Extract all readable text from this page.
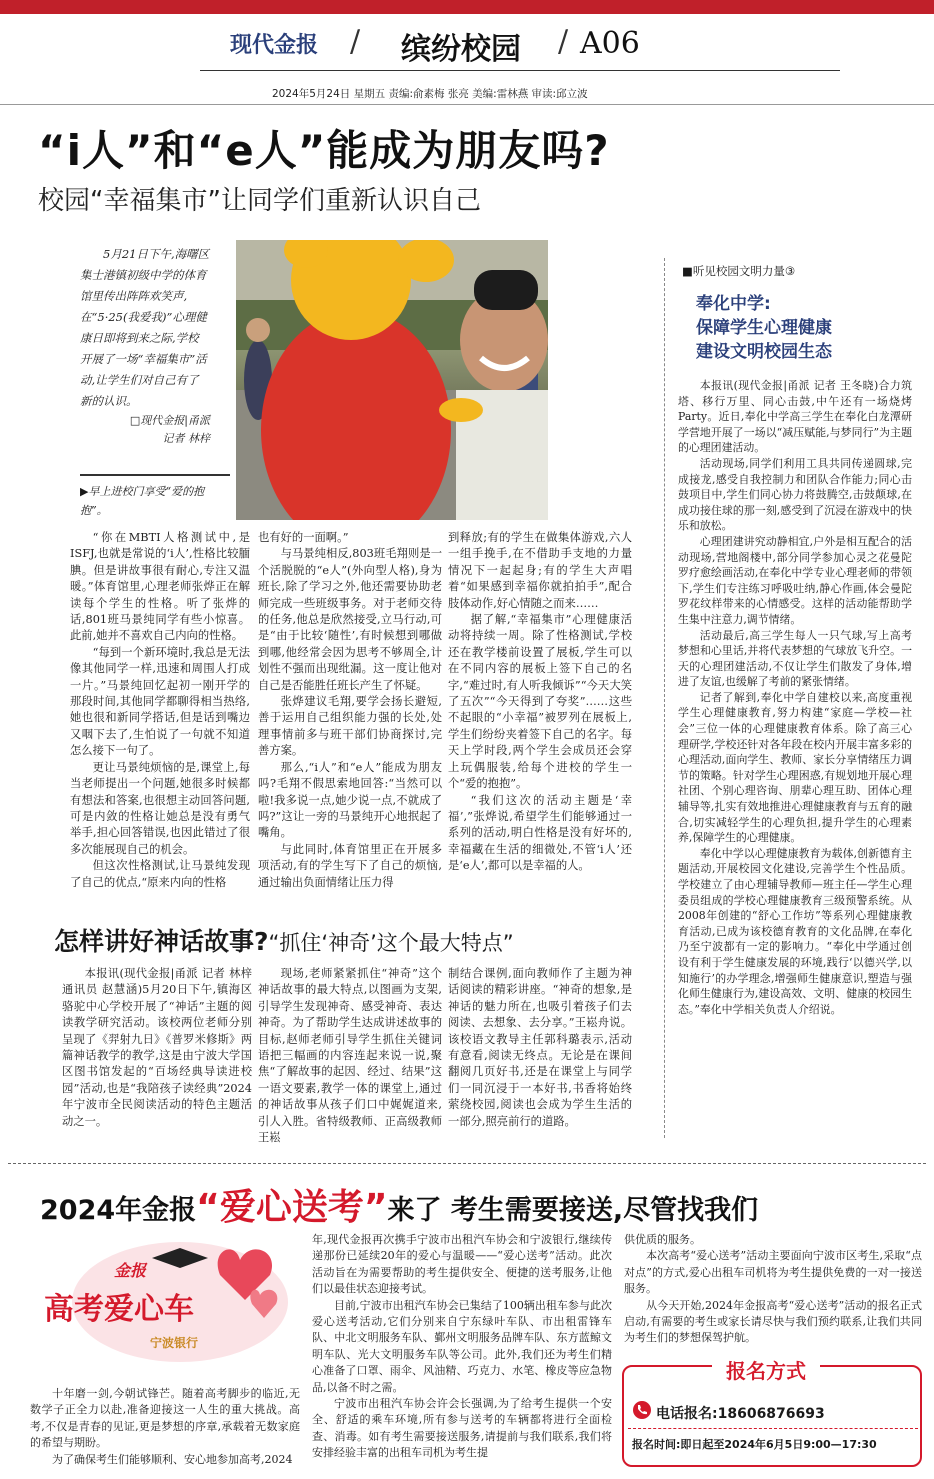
现代金报 / 缤纷校园 / A06
2024年5月24日 星期五 责编:俞素梅 张亮 美编:雷林燕 审读:邱立波
“i人”和“e人”能成为朋友吗?
校园“幸福集市”让同学们重新认识自己

5月21日下午,海曙区集士港镇初级中学的体育馆里传出阵阵欢笑声,在“5·25(我爱我)”心理健康日即将到来之际,学校开展了一场“幸福集市”活动,让学生们对自己有了新的认识。

□现代金报|甬派
记者 林梓
▶早上进校门享受“爱的抱抱”。

“你在MBTI人格测试中,是ISFJ,也就是常说的‘i人’,性格比较腼腆。但是讲故事很有耐心,专注又温暖。”体育馆里,心理老师张烨正在解读每个学生的性格。听了张烨的话,801班马景纯同学有些小惊喜。此前,她并不喜欢自己内向的性格。

“每到一个新环境时,我总是无法像其他同学一样,迅速和周围人打成一片。”马景纯回忆起初一刚开学的那段时间,其他同学都聊得相当热络,她也很和新同学搭话,但是话到嘴边又咽下去了,生怕说了一句就不知道怎么接下一句了。

更让马景纯烦恼的是,课堂上,每当老师提出一个问题,她很多时候都有想法和答案,也很想主动回答问题,可是内敛的性格让她总是没有勇气举手,担心回答错误,也因此错过了很多次能展现自己的机会。

但这次性格测试,让马景纯发现了自己的优点,“原来内向的性格

也有好的一面啊。”

与马景纯相反,803班毛翔则是一个活脱脱的“e人”(外向型人格),身为班长,除了学习之外,他还需要协助老师完成一些班级事务。对于老师交待的任务,他总是欣然接受,立马行动,可是“由于比较‘随性’,有时候想到哪做到哪,他经常会因为思考不够周全,计划性不强而出现纰漏。这一度让他对自己是否能胜任班长产生了怀疑。

张烨建议毛翔,要学会扬长避短,善于运用自己组织能力强的长处,处理事情前多与班干部们协商探讨,完善方案。

那么,“i人”和“e人”能成为朋友吗?毛翔不假思索地回答:“当然可以啦!我多说一点,她少说一点,不就成了吗?”这让一旁的马景纯开心地抿起了嘴角。

与此同时,体育馆里正在开展多项活动,有的学生写下了自己的烦恼,通过输出负面情绪让压力得

到释放;有的学生在做集体游戏,六人一组手挽手,在不借助手支地的力量情况下一起起身;有的学生大声唱着“如果感到幸福你就拍拍手”,配合肢体动作,好心情随之而来……

据了解,“幸福集市”心理健康活动将持续一周。除了性格测试,学校还在教学楼前设置了展板,学生可以在不同内容的展板上签下自己的名字,“难过时,有人听我倾诉”“今天大笑了五次”“今天得到了夸奖”……这些不起眼的“小幸福”被罗列在展板上,学生们纷纷夹着签下自己的名字。每天上学时段,两个学生会成员还会穿上玩偶服装,给每个进校的学生一个“爱的抱抱”。

“我们这次的活动主题是‘幸福’,”张烨说,希望学生们能够通过一系列的活动,明白性格是没有好坏的,幸福藏在生活的细微处,不管‘i人’还是‘e人’,都可以是幸福的人。

■听见校园文明力量③
奉化中学:
保障学生心理健康
建设文明校园生态

本报讯(现代金报|甬派 记者 王冬晓)合力筑塔、移行万里、同心击鼓,中午还有一场烧烤Party。近日,奉化中学高三学生在奉化白龙潭研学营地开展了一场以“减压赋能,与梦同行”为主题的心理团建活动。

活动现场,同学们利用工具共同传递圆球,完成接龙,感受自我控制力和团队合作能力;同心击鼓项目中,学生们同心协力将鼓腾空,击鼓颠球,在成功接住球的那一刻,感受到了沉浸在游戏中的快乐和放松。

心理团建讲究动静相宜,户外是相互配合的活动现场,营地阁楼中,部分同学参加心灵之花曼陀罗疗愈绘画活动,在奉化中学专业心理老师的带领下,学生们专注练习呼吸吐纳,静心作画,体会曼陀罗花纹样带来的心情感受。这样的活动能帮助学生集中注意力,调节情绪。

活动最后,高三学生每人一只气球,写上高考梦想和心里话,并将代表梦想的气球放飞升空。一天的心理团建活动,不仅让学生们散发了身体,增进了友谊,也缓解了考前的紧张情绪。

记者了解到,奉化中学自建校以来,高度重视学生心理健康教育,努力构建“家庭—学校—社会”三位一体的心理健康教育体系。除了高三心理研学,学校还针对各年段在校内开展丰富多彩的心理活动,面向学生、教师、家长分享情绪压力调节的策略。针对学生心理困惑,有规划地开展心理社团、个别心理咨询、朋辈心理互助、团体心理辅导等,扎实有效地推进心理健康教育与五育的融合,切实减轻学生的心理负担,提升学生的心理素养,保障学生的心理健康。

奉化中学以心理健康教育为载体,创新德育主题活动,开展校园文化建设,完善学生个性品质。学校建立了由心理辅导教师—班主任—学生心理委员组成的学校心理健康教育三级预警系统。从2008年创建的“舒心工作坊”等系列心理健康教育活动,已成为该校德育教育的文化品牌,在奉化乃至宁波都有一定的影响力。“奉化中学通过创设有利于学生健康发展的环境,践行‘以德兴学,以知施行’的办学理念,增强师生健康意识,塑造与强化师生健康行为,建设高效、文明、健康的校园生态。”奉化中学相关负责人介绍说。

怎样讲好神话故事?“抓住‘神奇’这个最大特点”

本报讯(现代金报|甬派 记者 林梓 通讯员 赵慧涵)5月20日下午,镇海区骆驼中心学校开展了“神话”主题的阅读教学研究活动。该校两位老师分别呈现了《羿射九日》《普罗米修斯》两篇神话教学的教学,这是由宁波大学国区图书馆发起的“百场经典导读进校园”活动,也是“我陪孩子读经典”2024年宁波市全民阅读活动的特色主题活动之一。

现场,老师紧紧抓住“神奇”这个神话故事的最大特点,以图画为支架,引导学生发现神奇、感受神奇、表达神奇。为了帮助学生达成讲述故事的目标,赵师老师引导学生抓住关键词语把三幅画的内容连起来说一说,聚焦“了解故事的起因、经过、结果”这一语文要素,教学一体的课堂上,通过的神话故事从孩子们口中娓娓道来,引人入胜。省特级教师、正高级教师王崧

制结合课例,面向教师作了主题为神话阅读的精彩讲座。“神奇的想象,是神话的魅力所在,也吸引着孩子们去阅读、去想象、去分享。”王崧舟说。该校语文教导主任郭科璐表示,活动有意看,阅读无终点。无论是在课间翻阅几页好书,还是在课堂上与同学们一同沉浸于一本好书,书香将始终萦绕校园,阅读也会成为学生生活的一部分,照亮前行的道路。

2024年金报“爱心送考”来了 考生需要接送,尽管找我们
金报
高考爱心车
宁波银行

十年磨一剑,今朝试锋芒。随着高考脚步的临近,无数学子正全力以赴,准备迎接这一人生的重大挑战。高考,不仅是青春的见证,更是梦想的序章,承载着无数家庭的希望与期盼。

为了确保考生们能够顺利、安心地参加高考,2024

年,现代金报再次携手宁波市出租汽车协会和宁波银行,继续传递那份已延续20年的爱心与温暖——“爱心送考”活动。此次活动旨在为需要帮助的考生提供安全、便捷的送考服务,让他们以最佳状态迎接考试。

目前,宁波市出租汽车协会已集结了100辆出租车参与此次爱心送考活动,它们分别来自宁东绿叶车队、市出租雷锋车队、中北文明服务车队、鄞州文明服务品牌车队、东方蓝鲸文明车队、光大文明服务车队等公司。此外,我们还为考生们精心准备了口罩、雨伞、风油精、巧克力、水笔、橡皮等应急物品,以备不时之需。

宁波市出租汽车协会许会长强调,为了给考生提供一个安全、舒适的乘车环境,所有参与送考的车辆都将进行全面检查、消毒。如有考生需要接送服务,请提前与我们联系,我们将安排经验丰富的出租车司机为考生提

供优质的服务。

本次高考“爱心送考”活动主要面向宁波市区考生,采取“点对点”的方式,爱心出租车司机将为考生提供免费的一对一接送服务。

从今天开始,2024年金报高考“爱心送考”活动的报名正式启动,有需要的考生或家长请尽快与我们预约联系,让我们共同为考生们的梦想保驾护航。

报名方式
电话报名:18606876693
报名时间:即日起至2024年6月5日9:00—17:30
